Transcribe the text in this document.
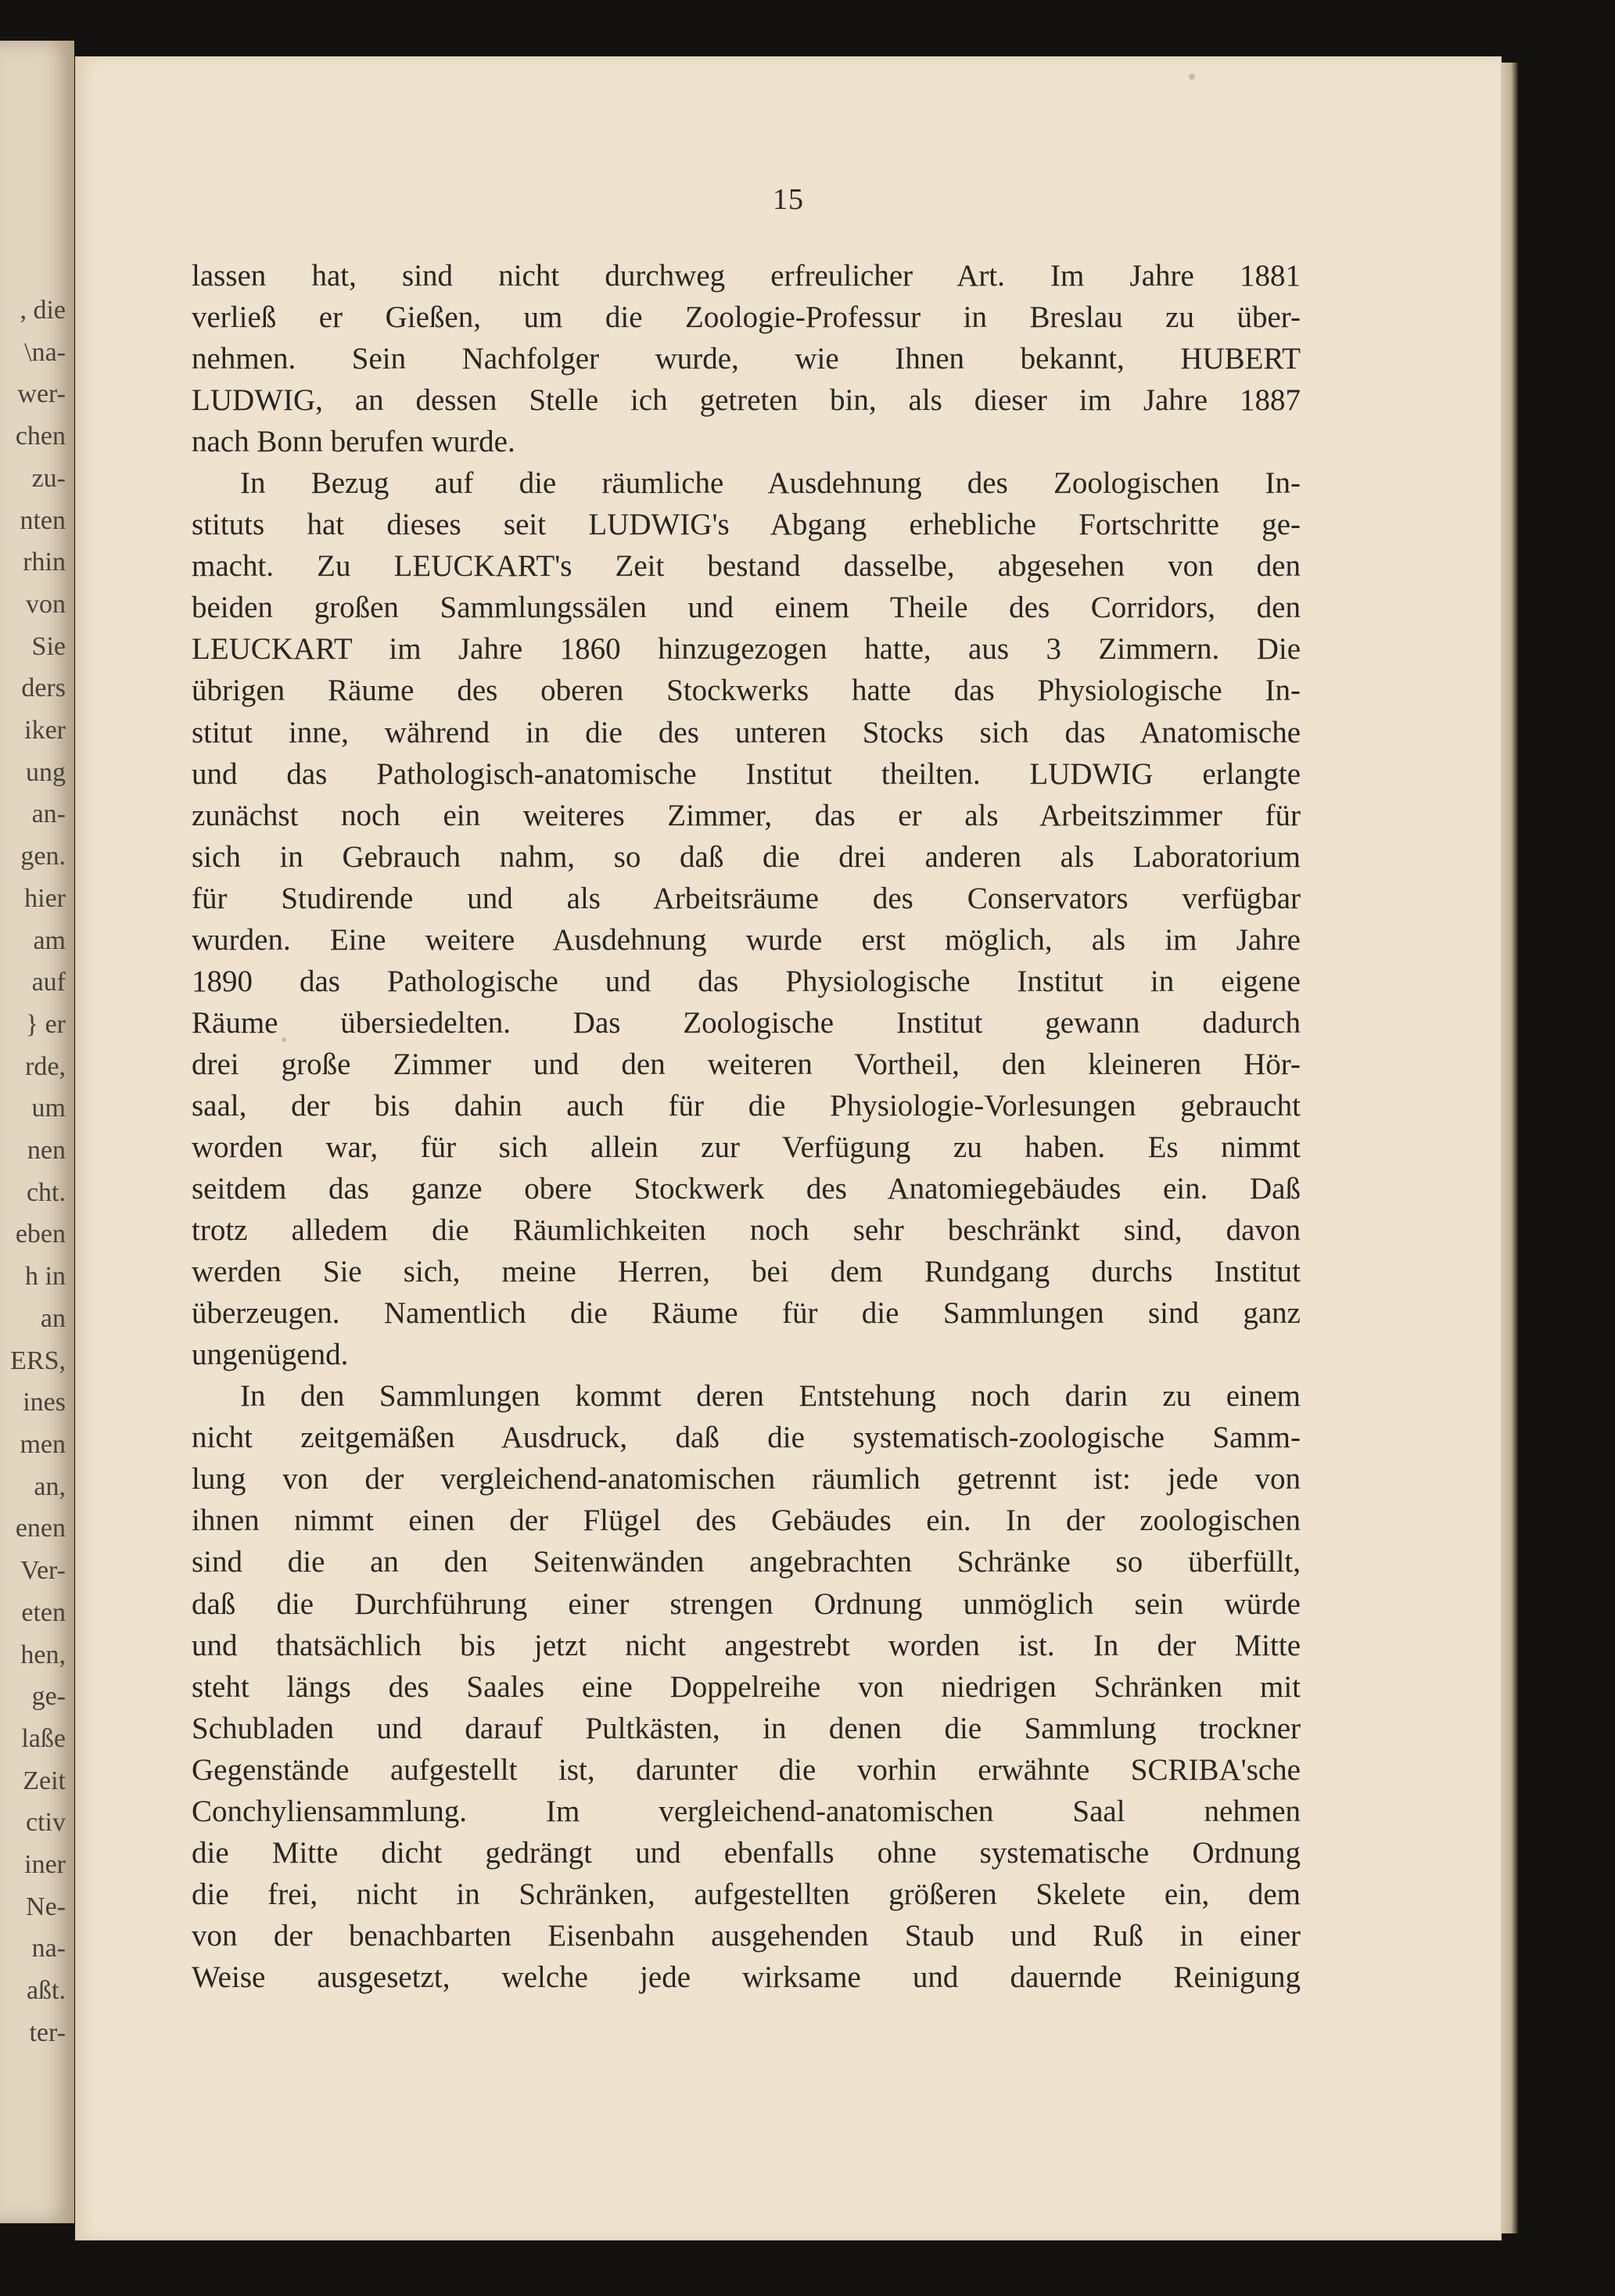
, die
\na-
wer-
chen
zu-
nten
rhin
von
Sie
ders
iker
ung
an-
gen.
hier
am
auf
} er
rde,
um
nen
cht.
eben
h in
an
ERS,
ines
men
an,
enen
Ver-
eten
hen,
ge-
laße
Zeit
ctiv
iner
Ne-
na-
aßt.
ter-
15
lassen hat, sind nicht durchweg erfreulicher Art. Im Jahre 1881
verließ er Gießen, um die Zoologie-Professur in Breslau zu über-
nehmen. Sein Nachfolger wurde, wie Ihnen bekannt, HUBERT
LUDWIG, an dessen Stelle ich getreten bin, als dieser im Jahre 1887
nach Bonn berufen wurde.
In Bezug auf die räumliche Ausdehnung des Zoologischen In-
stituts hat dieses seit LUDWIG's Abgang erhebliche Fortschritte ge-
macht. Zu LEUCKART's Zeit bestand dasselbe, abgesehen von den
beiden großen Sammlungssälen und einem Theile des Corridors, den
LEUCKART im Jahre 1860 hinzugezogen hatte, aus 3 Zimmern. Die
übrigen Räume des oberen Stockwerks hatte das Physiologische In-
stitut inne, während in die des unteren Stocks sich das Anatomische
und das Pathologisch-anatomische Institut theilten. LUDWIG erlangte
zunächst noch ein weiteres Zimmer, das er als Arbeitszimmer für
sich in Gebrauch nahm, so daß die drei anderen als Laboratorium
für Studirende und als Arbeitsräume des Conservators verfügbar
wurden. Eine weitere Ausdehnung wurde erst möglich, als im Jahre
1890 das Pathologische und das Physiologische Institut in eigene
Räume übersiedelten. Das Zoologische Institut gewann dadurch
drei große Zimmer und den weiteren Vortheil, den kleineren Hör-
saal, der bis dahin auch für die Physiologie-Vorlesungen gebraucht
worden war, für sich allein zur Verfügung zu haben. Es nimmt
seitdem das ganze obere Stockwerk des Anatomiegebäudes ein. Daß
trotz alledem die Räumlichkeiten noch sehr beschränkt sind, davon
werden Sie sich, meine Herren, bei dem Rundgang durchs Institut
überzeugen. Namentlich die Räume für die Sammlungen sind ganz
ungenügend.
In den Sammlungen kommt deren Entstehung noch darin zu einem
nicht zeitgemäßen Ausdruck, daß die systematisch-zoologische Samm-
lung von der vergleichend-anatomischen räumlich getrennt ist: jede von
ihnen nimmt einen der Flügel des Gebäudes ein. In der zoologischen
sind die an den Seitenwänden angebrachten Schränke so überfüllt,
daß die Durchführung einer strengen Ordnung unmöglich sein würde
und thatsächlich bis jetzt nicht angestrebt worden ist. In der Mitte
steht längs des Saales eine Doppelreihe von niedrigen Schränken mit
Schubladen und darauf Pultkästen, in denen die Sammlung trockner
Gegenstände aufgestellt ist, darunter die vorhin erwähnte SCRIBA'sche
Conchyliensammlung. Im vergleichend-anatomischen Saal nehmen
die Mitte dicht gedrängt und ebenfalls ohne systematische Ordnung
die frei, nicht in Schränken, aufgestellten größeren Skelete ein, dem
von der benachbarten Eisenbahn ausgehenden Staub und Ruß in einer
Weise ausgesetzt, welche jede wirksame und dauernde Reinigung
